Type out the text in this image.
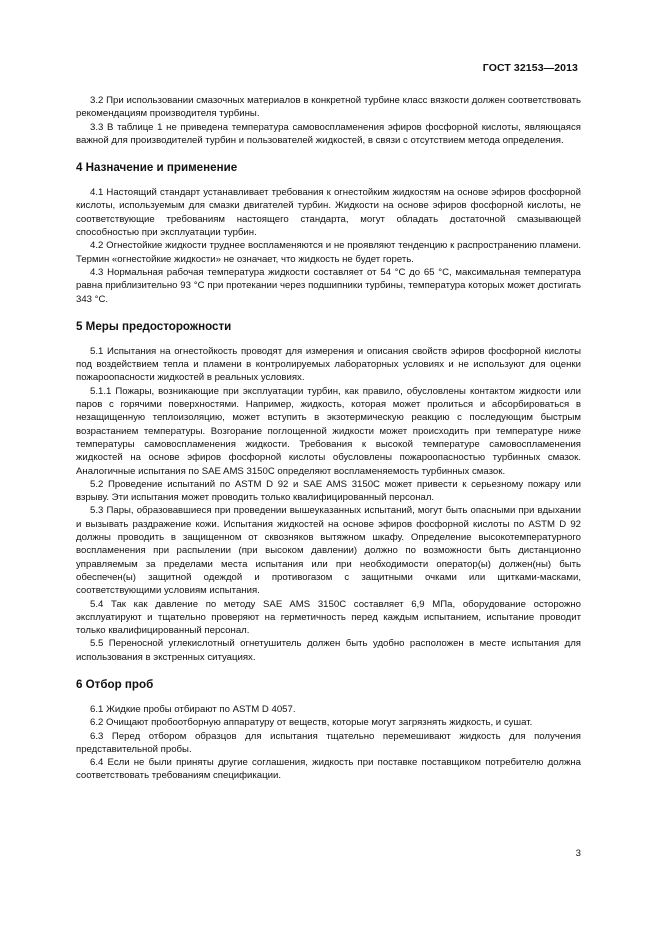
ГОСТ 32153—2013

3.2 При использовании смазочных материалов в конкретной турбине класс вязкости должен соответствовать рекомендациям производителя турбины.

3.3 В таблице 1 не приведена температура самовоспламенения эфиров фосфорной кислоты, являющаяся важной для производителей турбин и пользователей жидкостей, в связи с отсутствием метода определения.

4 Назначение и применение

4.1 Настоящий стандарт устанавливает требования к огнестойким жидкостям на основе эфиров фосфорной кислоты, используемым для смазки двигателей турбин. Жидкости на основе эфиров фосфорной кислоты, не соответствующие требованиям настоящего стандарта, могут обладать достаточной смазывающей способностью при эксплуатации турбин.

4.2 Огнестойкие жидкости труднее воспламеняются и не проявляют тенденцию к распространению пламени. Термин «огнестойкие жидкости» не означает, что жидкость не будет гореть.

4.3 Нормальная рабочая температура жидкости составляет от 54 °С до 65 °С, максимальная температура равна приблизительно 93 °С при протекании через подшипники турбины, температура которых может достигать 343 °С.

5 Меры предосторожности

5.1 Испытания на огнестойкость проводят для измерения и описания свойств эфиров фосфорной кислоты под воздействием тепла и пламени в контролируемых лабораторных условиях и не используют для оценки пожароопасности жидкостей в реальных условиях.

5.1.1 Пожары, возникающие при эксплуатации турбин, как правило, обусловлены контактом жидкости или паров с горячими поверхностями. Например, жидкость, которая может пролиться и абсорбироваться в незащищенную теплоизоляцию, может вступить в экзотермическую реакцию с последующим быстрым возрастанием температуры. Возгорание поглощенной жидкости может происходить при температуре ниже температуры самовоспламенения жидкости. Требования к высокой температуре самовоспламенения жидкостей на основе эфиров фосфорной кислоты обусловлены пожароопасностью турбинных смазок. Аналогичные испытания по SAE AMS 3150C определяют воспламеняемость турбинных смазок.

5.2 Проведение испытаний по ASTM D 92 и SAE AMS 3150C может привести к серьезному пожару или взрыву. Эти испытания может проводить только квалифицированный персонал.

5.3 Пары, образовавшиеся при проведении вышеуказанных испытаний, могут быть опасными при вдыхании и вызывать раздражение кожи. Испытания жидкостей на основе эфиров фосфорной кислоты по ASTM D 92 должны проводить в защищенном от сквозняков вытяжном шкафу. Определение высокотемпературного воспламенения при распылении (при высоком давлении) должно по возможности быть дистанционно управляемым за пределами места испытания или при необходимости оператор(ы) должен(ны) быть обеспечен(ы) защитной одеждой и противогазом с защитными очками или щитками-масками, соответствующими условиям испытания.

5.4 Так как давление по методу SAE AMS 3150C составляет 6,9 МПа, оборудование осторожно эксплуатируют и тщательно проверяют на герметичность перед каждым испытанием, испытание проводит только квалифицированный персонал.

5.5 Переносной углекислотный огнетушитель должен быть удобно расположен в месте испытания для использования в экстренных ситуациях.

6 Отбор проб

6.1 Жидкие пробы отбирают по ASTM D 4057.

6.2 Очищают пробоотборную аппаратуру от веществ, которые могут загрязнять жидкость, и сушат.

6.3 Перед отбором образцов для испытания тщательно перемешивают жидкость для получения представительной пробы.

6.4 Если не были приняты другие соглашения, жидкость при поставке поставщиком потребителю должна соответствовать требованиям спецификации.

3
